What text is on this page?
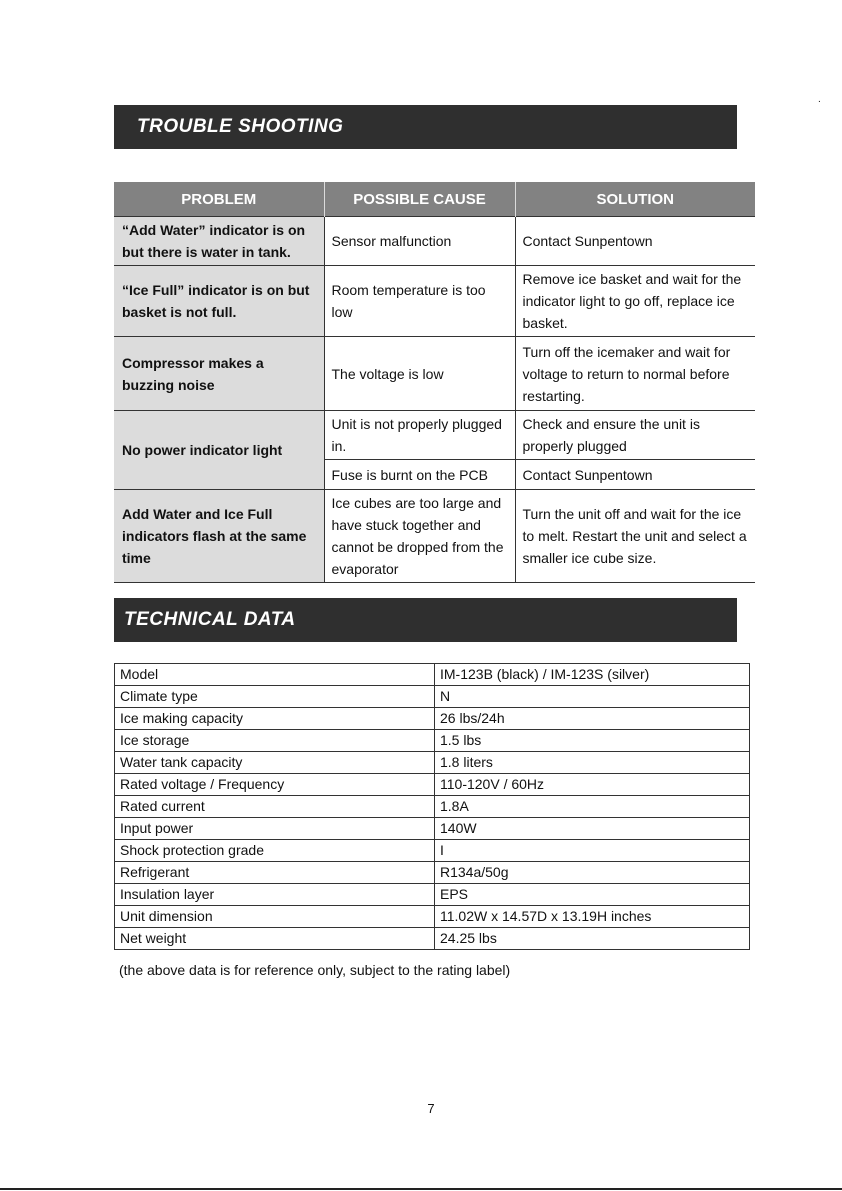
.
TROUBLE SHOOTING
PROBLEM	POSSIBLE CAUSE	SOLUTION
“Add Water” indicator is on but there is water in tank.	Sensor malfunction	Contact Sunpentown
“Ice Full” indicator is on but basket is not full.	Room temperature is too low	Remove ice basket and wait for the indicator light to go off, replace ice basket.
Compressor makes a buzzing noise	The voltage is low	Turn off the icemaker and wait for voltage to return to normal before restarting.
No power indicator light	Unit is not properly plugged in.	Check and ensure the unit is properly plugged
	Fuse is burnt on the PCB	Contact Sunpentown
Add Water and Ice Full indicators flash at the same time	Ice cubes are too large and have stuck together and cannot be dropped from the evaporator	Turn the unit off and wait for the ice to melt. Restart the unit and select a smaller ice cube size.
TECHNICAL DATA
Model	IM-123B (black) / IM-123S (silver)
Climate type	N
Ice making capacity	26 lbs/24h
Ice storage	1.5 lbs
Water tank capacity	1.8 liters
Rated voltage / Frequency	110-120V / 60Hz
Rated current	1.8A
Input power	140W
Shock protection grade	I
Refrigerant	R134a/50g
Insulation layer	EPS
Unit dimension	11.02W x 14.57D x 13.19H inches
Net weight	24.25 lbs
(the above data is for reference only, subject to the rating label)
7
